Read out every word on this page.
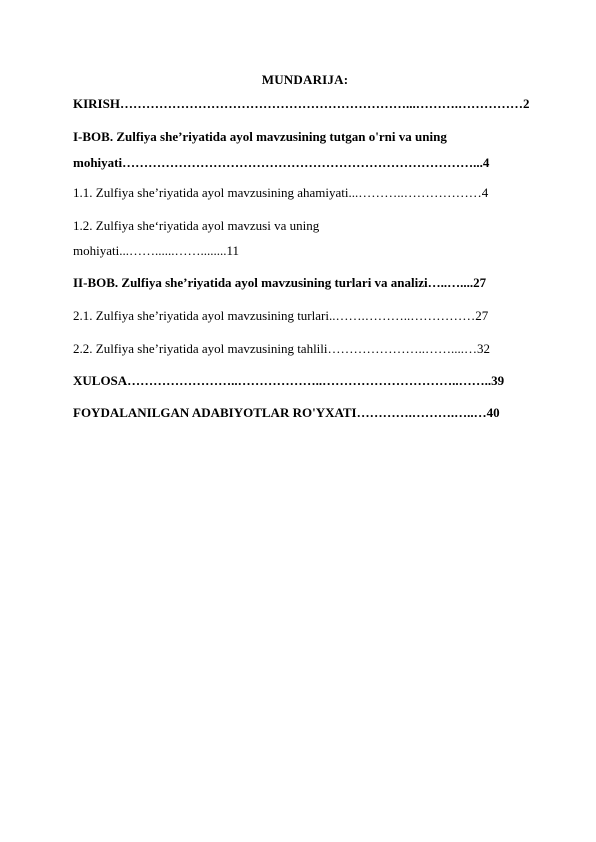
MUNDARIJA:
KIRISH…………………………………………………………...……….……………2
I-BOB. Zulfiya she’riyatida ayol mavzusining tutgan o'rni va uning
mohiyati………………………………………………………………………...4
1.1. Zulfiya she’riyatida ayol mavzusining ahamiyati...………..………………4
1.2. Zulfiya she‘riyatida ayol mavzusi va uning
mohiyati...……......……........11
II-BOB. Zulfiya she’riyatida ayol mavzusining turlari va analizi…..…....27
2.1. Zulfiya she’riyatida ayol mavzusining turlari..…….………..……………27
2.2. Zulfiya she’riyatida ayol mavzusining tahlili…………………..……....…32
XULOSA……………………..………………..…………………………..……..39
FOYDALANILGAN ADABIYOTLAR RO'YXATI………….……….…..…40
